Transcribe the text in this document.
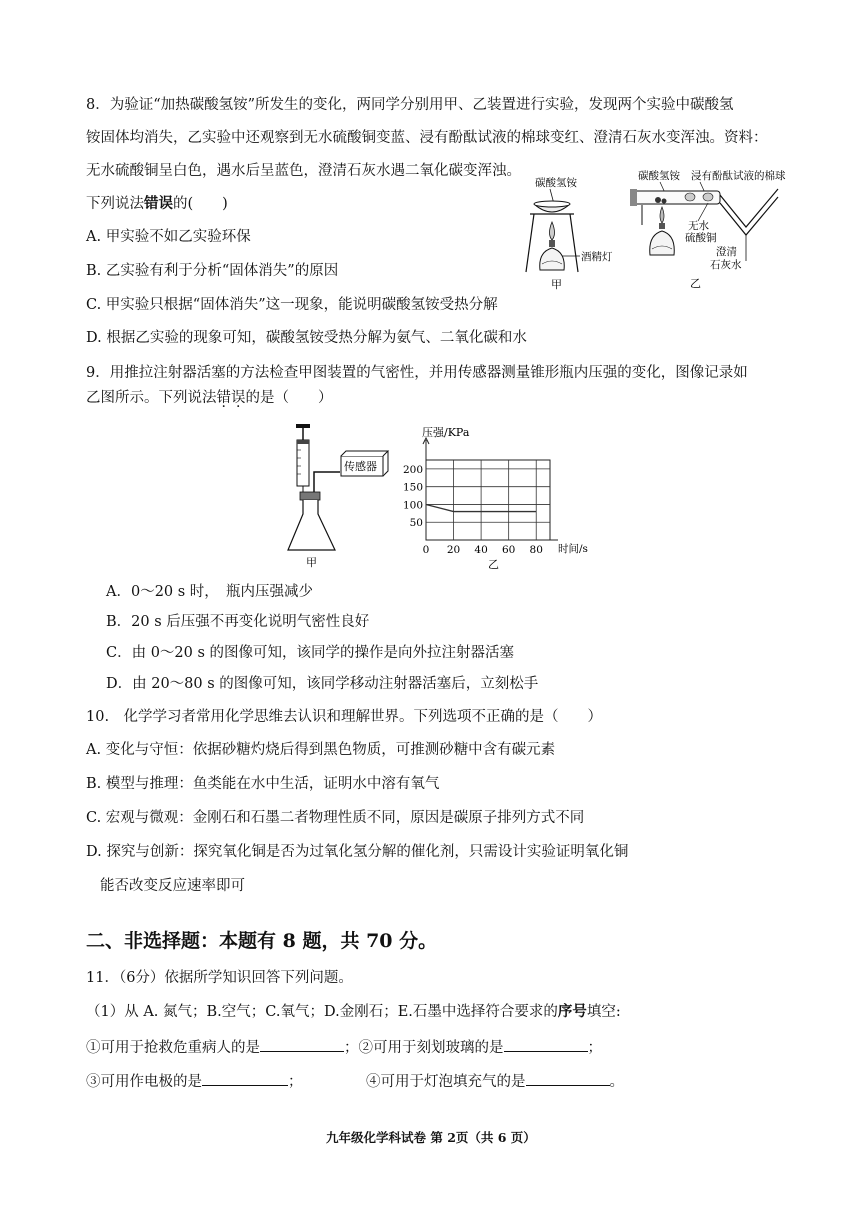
8．为验证“加热碳酸氢铵”所发生的变化，两同学分别用甲、乙装置进行实验，发现两个实验中碳酸氢
铵固体均消失，乙实验中还观察到无水硫酸铜变蓝、浸有酚酞试液的棉球变红、澄清石灰水变浑浊。资料：
无水硫酸铜呈白色，遇水后呈蓝色，澄清石灰水遇二氧化碳变浑浊。
下列说法错误的(　　)
A. 甲实验不如乙实验环保
B. 乙实验有利于分析“固体消失”的原因
C. 甲实验只根据“固体消失”这一现象，能说明碳酸氢铵受热分解
D. 根据乙实验的现象可知，碳酸氢铵受热分解为氨气、二氧化碳和水
碳酸氢铵
酒精灯
甲
碳酸氢铵 浸有酚酞试液的棉球
无水
硫酸铜
澄清
石灰水
乙
9．用推拉注射器活塞的方法检查甲图装置的气密性，并用传感器测量锥形瓶内压强的变化，图像记录如
乙图所示。下列说法错误的是（　　）
传感器
甲
0 20 40 60 80
50
100
150
200
压强/KPa
时间/s
乙
A．0～20 s 时，　瓶内压强减少
B．20 s 后压强不再变化说明气密性良好
C．由 0～20 s 的图像可知，该同学的操作是向外拉注射器活塞
D．由 20～80 s 的图像可知，该同学移动注射器活塞后，立刻松手
10.　化学学习者常用化学思维去认识和理解世界。下列选项不正确的是（　　）
A. 变化与守恒：依据砂糖灼烧后得到黑色物质，可推测砂糖中含有碳元素
B. 模型与推理：鱼类能在水中生活，证明水中溶有氧气
C. 宏观与微观：金刚石和石墨二者物理性质不同，原因是碳原子排列方式不同
D. 探究与创新：探究氧化铜是否为过氧化氢分解的催化剂，只需设计实验证明氧化铜
能否改变反应速率即可
二、非选择题：本题有 8 题，共 70 分。
11．（6分）依据所学知识回答下列问题。
（1）从 A. 氮气；B.空气；C.氧气；D.金刚石；E.石墨中选择符合要求的序号填空:
①可用于抢救危重病人的是	；②可用于刻划玻璃的是	；
③可用作电极的是	；	④可用于灯泡填充气的是	。
九年级化学科试卷 第 2页（共 6 页）
